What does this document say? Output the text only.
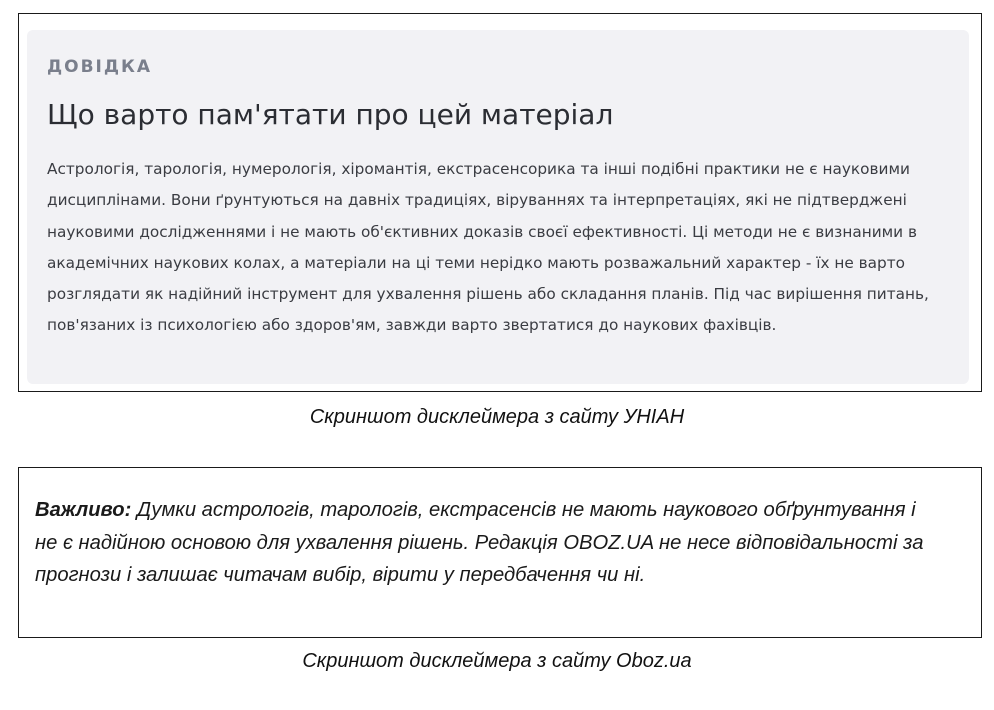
ДОВІДКА

Що варто пам'ятати про цей матеріал

Астрологія, тарологія, нумерологія, хіромантія, екстрасенсорика та інші подібні практики не є науковими дисциплінами. Вони ґрунтуються на давніх традиціях, віруваннях та інтерпретаціях, які не підтверджені науковими дослідженнями і не мають об'єктивних доказів своєї ефективності. Ці методи не є визнаними в академічних наукових колах, а матеріали на ці теми нерідко мають розважальний характер - їх не варто розглядати як надійний інструмент для ухвалення рішень або складання планів. Під час вирішення питань, пов'язаних із психологією або здоров'ям, завжди варто звертатися до наукових фахівців.

Скриншот дисклеймера з сайту УНІАН

Важливо: Думки астрологів, тарологів, екстрасенсів не мають наукового обґрунтування і не є надійною основою для ухвалення рішень. Редакція OBOZ.UA не несе відповідальності за прогнози і залишає читачам вибір, вірити у передбачення чи ні.

Скриншот дисклеймера з сайту Oboz.ua
